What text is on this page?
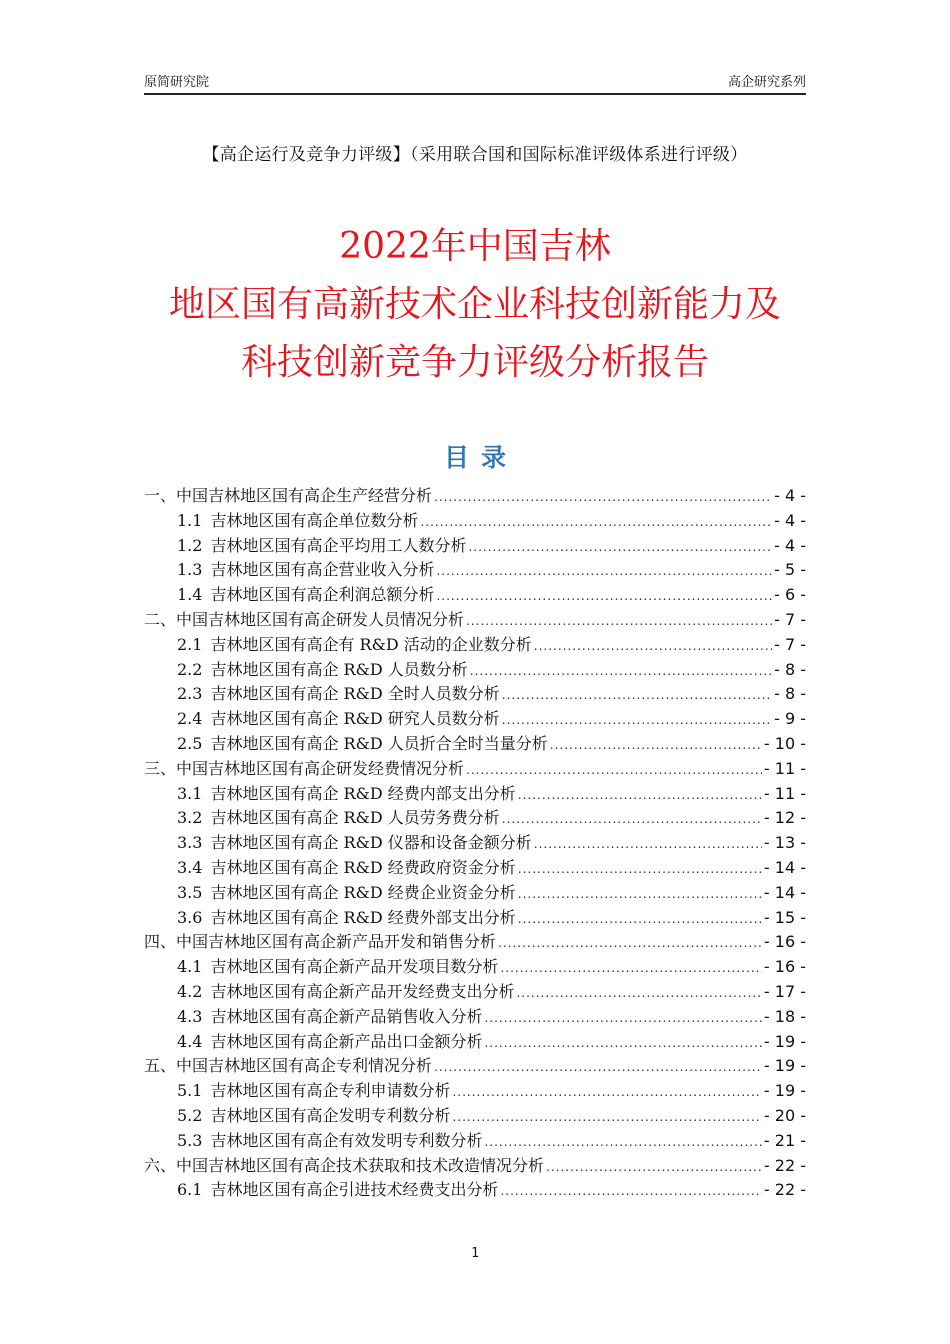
原简研究院	高企研究系列
【高企运行及竞争力评级】（采用联合国和国际标准评级体系进行评级）
2022年中国吉林
地区国有高新技术企业科技创新能力及
科技创新竞争力评级分析报告
目录
一、 中国吉林地区国有高企生产经营分析 .....	- 4 -
1.1 吉林地区国有高企单位数分析 .....	- 4 -
1.2 吉林地区国有高企平均用工人数分析 .....	- 4 -
1.3 吉林地区国有高企营业收入分析 .....	- 5 -
1.4 吉林地区国有高企利润总额分析 .....	- 6 -
二、 中国吉林地区国有高企研发人员情况分析 .....	- 7 -
2.1 吉林地区国有高企有 R&D 活动的企业数分析 .....	- 7 -
2.2 吉林地区国有高企 R&D 人员数分析 .....	- 8 -
2.3 吉林地区国有高企 R&D 全时人员数分析 .....	- 8 -
2.4 吉林地区国有高企 R&D 研究人员数分析 .....	- 9 -
2.5 吉林地区国有高企 R&D 人员折合全时当量分析 .....	- 10 -
三、 中国吉林地区国有高企研发经费情况分析 .....	- 11 -
3.1 吉林地区国有高企 R&D 经费内部支出分析 .....	- 11 -
3.2 吉林地区国有高企 R&D 人员劳务费分析 .....	- 12 -
3.3 吉林地区国有高企 R&D 仪器和设备金额分析 .....	- 13 -
3.4 吉林地区国有高企 R&D 经费政府资金分析 .....	- 14 -
3.5 吉林地区国有高企 R&D 经费企业资金分析 .....	- 14 -
3.6 吉林地区国有高企 R&D 经费外部支出分析 .....	- 15 -
四、 中国吉林地区国有高企新产品开发和销售分析 .....	- 16 -
4.1 吉林地区国有高企新产品开发项目数分析 .....	- 16 -
4.2 吉林地区国有高企新产品开发经费支出分析 .....	- 17 -
4.3 吉林地区国有高企新产品销售收入分析 .....	- 18 -
4.4 吉林地区国有高企新产品出口金额分析 .....	- 19 -
五、 中国吉林地区国有高企专利情况分析 .....	- 19 -
5.1 吉林地区国有高企专利申请数分析 .....	- 19 -
5.2 吉林地区国有高企发明专利数分析 .....	- 20 -
5.3 吉林地区国有高企有效发明专利数分析 .....	- 21 -
六、 中国吉林地区国有高企技术获取和技术改造情况分析 .....	- 22 -
6.1 吉林地区国有高企引进技术经费支出分析 .....	- 22 -
1
